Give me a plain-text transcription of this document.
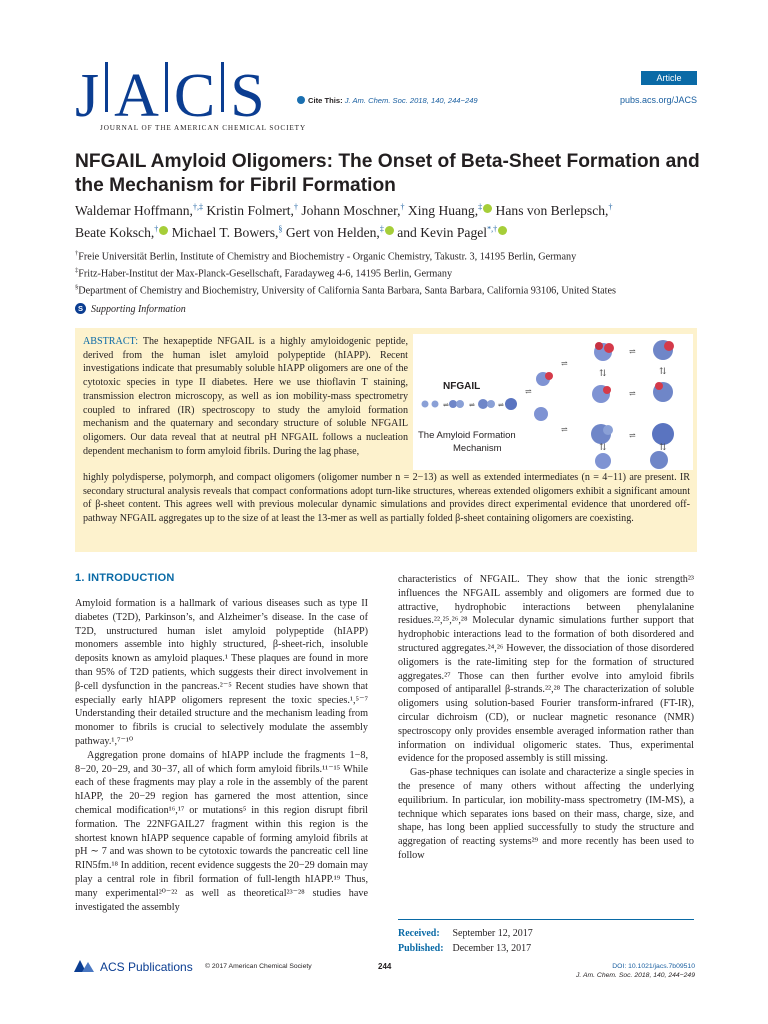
J A C S
JOURNAL OF THE AMERICAN CHEMICAL SOCIETY
Article
Cite This: J. Am. Chem. Soc. 2018, 140, 244−249	pubs.acs.org/JACS
NFGAIL Amyloid Oligomers: The Onset of Beta-Sheet Formation and the Mechanism for Fibril Formation
Waldemar Hoffmann,†,‡ Kristin Folmert,† Johann Moschner,† Xing Huang,‡ Hans von Berlepsch,†
Beate Koksch,† Michael T. Bowers,§ Gert von Helden,‡ and Kevin Pagel*,†
†Freie Universität Berlin, Institute of Chemistry and Biochemistry - Organic Chemistry, Takustr. 3, 14195 Berlin, Germany
‡Fritz-Haber-Institut der Max-Planck-Gesellschaft, Faradayweg 4-6, 14195 Berlin, Germany
§Department of Chemistry and Biochemistry, University of California Santa Barbara, Santa Barbara, California 93106, United States
S Supporting Information
ABSTRACT: The hexapeptide NFGAIL is a highly amyloidogenic peptide, derived from the human islet amyloid polypeptide (hIAPP). Recent investigations indicate that presumably soluble hIAPP oligomers are one of the cytotoxic species in type II diabetes. Here we use thioflavin T staining, transmission electron microscopy, as well as ion mobility-mass spectrometry coupled to infrared (IR) spectroscopy to study the amyloid formation mechanism and the quaternary and secondary structure of soluble NFGAIL oligomers. Our data reveal that at neutral pH NFGAIL follows a nucleation dependent mechanism to form amyloid fibrils. During the lag phase,
NFGAIL
The Amyloid Formation
Mechanism
⇌	⇌	⇌
⇌
⇌
⇌
⇌
⇅	⇅
⇌
⇌
⇅	⇅
highly polydisperse, polymorph, and compact oligomers (oligomer number n = 2−13) as well as extended intermediates (n = 4−11) are present. IR secondary structural analysis reveals that compact conformations adopt turn-like structures, whereas extended oligomers exhibit a significant amount of β-sheet content. This agrees well with previous molecular dynamic simulations and provides direct experimental evidence that unordered off-pathway NFGAIL aggregates up to the size of at least the 13-mer as well as partially folded β-sheet containing oligomers are coexisting.
1. INTRODUCTION

Amyloid formation is a hallmark of various diseases such as type II diabetes (T2D), Parkinson’s, and Alzheimer’s disease. In the case of T2D, unstructured human islet amyloid polypeptide (hIAPP) monomers assemble into highly structured, β-sheet-rich, insoluble deposits known as amyloid plaques.¹ These plaques are found in more than 95% of T2D patients, which suggests their direct involvement in β-cell dysfunction in the pancreas.²⁻⁵ Recent studies have shown that especially early hIAPP oligomers represent the toxic species.¹,⁵⁻⁷ Understanding their detailed structure and the mechanism leading from monomer to fibrils is crucial to selectively modulate the assembly pathway.¹,⁷⁻¹⁰

Aggregation prone domains of hIAPP include the fragments 1−8, 8−20, 20−29, and 30−37, all of which form amyloid fibrils.¹¹⁻¹⁵ While each of these fragments may play a role in the assembly of the parent hIAPP, the 20−29 region has garnered the most attention, since chemical modification¹⁶,¹⁷ or mutations⁵ in this region disrupt fibril formation. The 22NFGAIL27 fragment within this region is the shortest known hIAPP sequence capable of forming amyloid fibrils at pH ∼ 7 and was shown to be cytotoxic towards the pancreatic cell line RIN5fm.¹⁸ In addition, recent evidence suggests the 20−29 domain may play a central role in fibril formation of full-length hIAPP.¹⁹ Thus, many experimental²⁰⁻²² as well as theoretical²³⁻²⁸ studies have investigated the assembly

characteristics of NFGAIL. They show that the ionic strength²³ influences the NFGAIL assembly and oligomers are formed due to attractive, hydrophobic interactions between phenylalanine residues.²²,²⁵,²⁶,²⁸ Molecular dynamic simulations further support that hydrophobic interactions lead to the formation of both disordered and structured aggregates.²⁴,²⁶ However, the dissociation of those disordered oligomers is the rate-limiting step for the formation of structured aggregates.²⁷ Those can then further evolve into amyloid fibrils composed of antiparallel β-strands.²²,²⁸ The characterization of soluble oligomers using solution-based Fourier transform-infrared (FT-IR), circular dichroism (CD), or nuclear magnetic resonance (NMR) spectroscopy only provides ensemble averaged information rather than information on individual oligomeric states. Thus, experimental evidence for the proposed assembly is still missing.

Gas-phase techniques can isolate and characterize a single species in the presence of many others without affecting the underlying equilibrium. In particular, ion mobility-mass spectrometry (IM-MS), a technique which separates ions based on their mass, charge, size, and shape, has long been applied successfully to study the structure and aggregation of reacting systems²⁹ and more recently has been used to follow

Received: September 12, 2017
Published: December 13, 2017
ACS Publications © 2017 American Chemical Society	244	DOI: 10.1021/jacs.7b09510
J. Am. Chem. Soc. 2018, 140, 244−249
